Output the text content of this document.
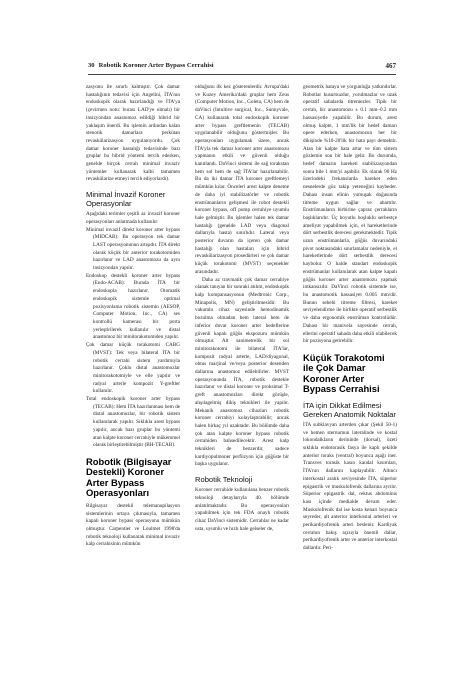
30 Robotik Koroner Arter Bypass Cerrahisi	467

zasyonu ile sınırlı kalmıştır. Çok damar hastalığının tedavisi için Angelini, İTA'nın endoskopik olarak hazırlandığı ve İTA'ya (çevirmen notu: burası LAD'ye olmalı) bir insizyondan anastomoz edildiği hibrid bir yaklaşım önerdi. Bu işlemin ardından kalan stenotik damarlara perkütan revaskülarizasyon uygulanıyordu. Çok damar koroner hastalığı tedavisinde bazı gruplar bu hibrid yöntemi tercih ederken, genelde birçok cerrah minimal invaziv yöntemler kullanarak kalbi tamamen revaskülarize etmeyi tercih ediyorlardı).

Minimal İnvazif Koroner Operasyonlar

Aşağıdaki terimler çeşitli az invazif koroner operasyonları anlatmada kullanılır:

Minimal invazif direkt koroner arter bypass (MIDCAB): Bu operasyon tek damar LAST operasyonunun artışıdır. İTA direkt olarak küçük bir anterior torakotomiden hazırlanır ve LAD anastomozu da aynı insizyondan yapılır.

Endoskop destekli koroner arter bypass (Endo-ACAB): Burada İTA bir endoskopla hazırlanır. Otomatik endoskopik sistemle optimal pozisyonlama robotik sistemin (AESOP, Computer Motion, Inc., CA) ses kontrollü kamerası bir porta yerleştirilerek kullanılır ve distal anastomoz bir minitorakotomiden yapılır.

Çok damar küçük torakotomi CABG (MVST): Tek veya bilateral İTA bir robotik cerrahi sistem yardımıyla hazırlanır. Çoklu distal anastomozlar minitorakotomiyle ve elle yapılır ve radyal arterle kompozit Y-greftler kullanılır.

Total endoskopik koroner arter bypass (TECAB): Hem İTA hazırlanması hem de distal anastomozlar, bir robotik sistem kullanılarak yapılır. Sıklıkla arest bypass yapılır, ancak bazı gruplar bu yöntemi atan kalpte koroner cerrahiyle mükemmel olarak birleştirebilmiştir (BH-TECAB).

Robotik (Bilgisayar Destekli) Koroner Arter Bypass Operasyonları

Bilgisayar destekli telemanupilasyon sistemlerinin ortaya çıkmasıyla, tamamen kapalı koroner bypass operasyonu mümkün olmuştur. Carpentier ve Loulmet 1998'da robotik teknoloji kullanarak minimal invaziv kalp cerrahisinin mümkün

olduğunu ilk kez gösterenlerdir. Avrupa'daki ve Kuzey Amerika'daki gruplar hem Zeus (Computer Motion, Inc., Goleta, CA) hem de daVinci (Intuitive surgical, Inc., Sunnyvale, CA) kullanarak total endoskopik koroner arter bypass greftlemenin (TECAB) uygulanabilir olduğunu göstermişler. Bu operasyonları uygulamak üzere, ancak İTA'yla tek damar koroner arter anastomozu yapmanın etkili ve güvenli olduğu kanıtlandı. DaVinci sistemi ile sağ torakstan hem sol hem de sağ İTA'lar hazırlanabilir. Bu da iki damar İTA koroner greftlemeyi mümkün kılar. Önceleri arest kalpte deneme de daha iyi stabilizatörler ve robotik enstrümanların gelişmesi ile robot destekli koroner bypass, off pump cerrahiye uyumlu hale gelmiştir. Bu işlemler halen tek damar hastalığı (genelde LAD veya diagonal dallarıyla hasta) sınırlıdır. Lateral veya posterior duvarın da içeren çok damar hastalığı olan hastaları için hibrid revaskülarizasyon prosedürleri ve çok damar küçük torakotomi (MVST) seçenekler arasındadır.

Daha az travmatik çok damar cerrahiye olanak tanıyan bir sonraki atılım, endoskopik kalp kompansasyonun (Medtronic Corp., Minapolis, MN) geliştirilmesidir. Bu vakumlu cihaz sayesinde hemodinamik bozulma olmadan hem lateral hem de inferior duvar koroner arter hedeflerine güvenli kapalı göğüs ekspozuru mümkün olmuştur. Alt sanimetrelik bir sol minitorakotomi ile bilateral İTA'lar, kompozit radyal arterle, LAD/diyagonal, obtus marjinal ve/veya posterior desenden dallarına anastomoz edilebilirler. MVST operasyonunda İTA, robotik destekle hazırlanır ve distal koroner ve proksimal T-greft anastomozları direkt görüşle, alışılagelmiş dikiş teknikleri ile yapılır. Mekanik anastomoz cihazları robotik koroner cerrahiyi kolaylaştırabilir; ancak halen birkaç yıl uzaktadır. Bu bölümde daha çok atan kalpte koroner bypass robotik cerrahiden bahsedilecektir. Arest kalp teknikleri de benzerdir, sadece kardiyopulmoner perfüzyon için göğüste bir başka uygulanır.

Robotik Teknoloji

Koroner cerrahide kullanılana benzer robotik teknoloji detaylarıyla 40. bölümde anlatılmaktadır. Bu operasyonları yapabilmek için tek FDA onaylı robotik cihaz DaVinci sistemidir. Cerrahlar ne kadar usta, uyumlu ve hızlı hale gelseler de,

geometrik hataya ve yorgunluğa yatkındırlar. Robotlar kusursuzdur, yorulmazlar ve uzak operatif sahalarda titremezler. Tipik bir cerrah, bir anastomozu ± 0.1 mm–0.2 mm hassasiyetle yapabilir. Bu durum, arest olmuş kalpte, 1 mm'lik bir hedef damarı opere ederken, anastomozun her bir dikişinde %10-20'lik bir hata payı demektir. Atan bir kalpte hata artar ve tüm sistem gözlemin son bir hale gelir. Bu durumda, hedef damarın hareketi stabilizasyondan sonra bile 1 mm'yi aşabilir. Ek olarak 90 Hz üzerindeki frekanslarda hareket eden nesnelerde göz takip yeteneğini kaybeder. Dahası insan elinin yumuşak doğasında titreme uygun sağlar ve abartılır. Enstrümanların birbirine çapraz çerrahların başlıklarıdır. Üç boyutlu hoşluklu serbestçe ameliyat yapabilmek için, el hareketlerinde dört serbestlik derecesi gerekmektedir. Tipik uzun enstrümanlarla, göğüs duvarındaki pivot noktasındaki sınırlamalar nedeniyle, el hareketlerinde dört serbestlik derecesi kaybolur. O halde standart endoskopik enstrümanlar kullanılarak atan kalpte kapalı göğüs koroner arter anastomozu yapmak imkansızdır. DaVinci robotik sistemde ise, bu anastomotik hassasiyet 0.005 mm/dir. Bunun sebebi titreme filtresi, hareket seviyelendirme ile birlikte operatif serbestlik ve daha ergonomik enstrüman kontrolüdür. Dahası bir manivela sayesinde cerrah, ellerini operatif sahada daha etkili olabilecek bir pozisyona getirebilir.

Küçük Torakotomi ile Çok Damar Koroner Arter Bypass Cerrahisi
İTA için Dikkat Edilmesi Gereken Anatomik Noktalar

İTA subklavyan arterden çıkar (Şekil 50-1) ve hemen sternumun lateralinde ve kostal lokondalkların derininde (dorsal), özeti sıklıkla endotorasik fasya ile kaplı şekilde anterior toraks (ventral) boyunca aşağı iner. Transves torasik kasın kaudal kısımları, İTA'nın dallarını kaplayabilir. Altıncı interkostal aralık seviyesinde İTA, süperior epigastrik ve muskulofrenik dallarına ayrılır. Süperior epigastrik dal, rektus abdominis kası içinde medialde devam eder. Muskulofrenik dal ise kosta kenarı boyunca seyreder, alt anterior interkostal arterleri ve perikardiyofrenik arteri beslenir. Kardiyak cerrahın bakış açısıyla önemli dallar, perikardiyofrenik arter ve anterior interkostal dallardır. Peri-
